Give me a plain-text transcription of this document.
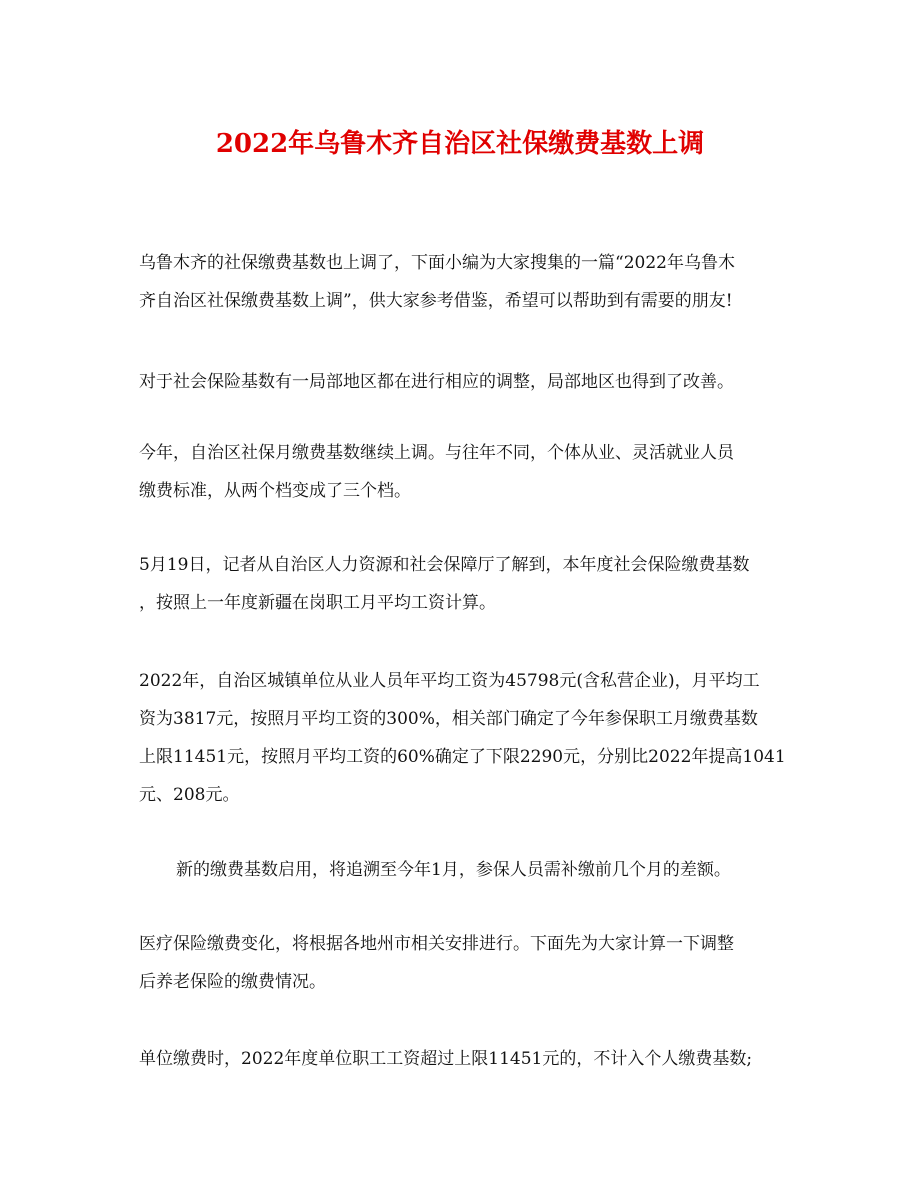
2022年乌鲁木齐自治区社保缴费基数上调

乌鲁木齐的社保缴费基数也上调了，下面小编为大家搜集的一篇“2022年乌鲁木
齐自治区社保缴费基数上调”，供大家参考借鉴，希望可以帮助到有需要的朋友!

对于社会保险基数有一局部地区都在进行相应的调整，局部地区也得到了改善。

今年，自治区社保月缴费基数继续上调。与往年不同，个体从业、灵活就业人员
缴费标准，从两个档变成了三个档。

5月19日，记者从自治区人力资源和社会保障厅了解到，本年度社会保险缴费基数
，按照上一年度新疆在岗职工月平均工资计算。

2022年，自治区城镇单位从业人员年平均工资为45798元(含私营企业)，月平均工
资为3817元，按照月平均工资的300%，相关部门确定了今年参保职工月缴费基数
上限11451元，按照月平均工资的60%确定了下限2290元，分别比2022年提高1041
元、208元。

新的缴费基数启用，将追溯至今年1月，参保人员需补缴前几个月的差额。

医疗保险缴费变化，将根据各地州市相关安排进行。下面先为大家计算一下调整
后养老保险的缴费情况。

单位缴费时，2022年度单位职工工资超过上限11451元的，不计入个人缴费基数;
